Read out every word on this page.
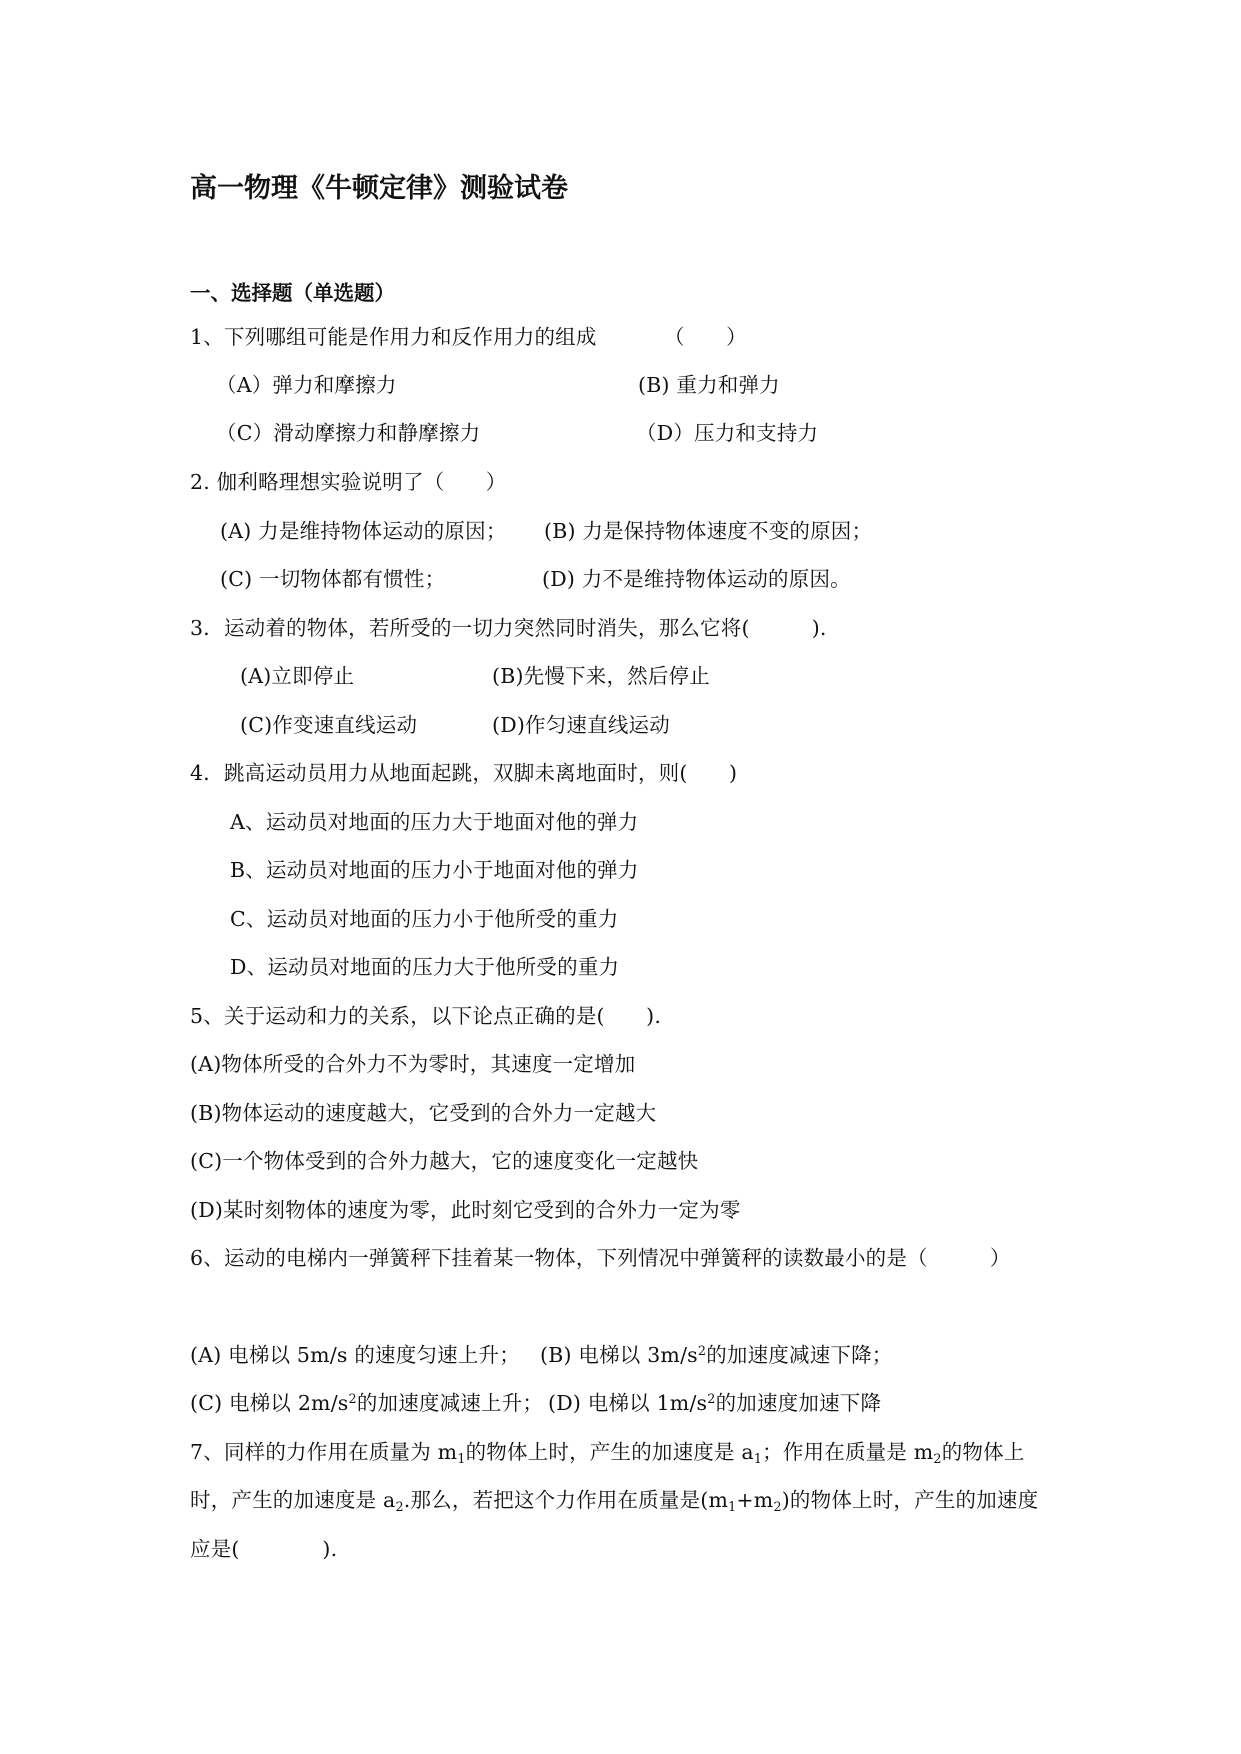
高一物理《牛顿定律》测验试卷
一、选择题（单选题）
1、下列哪组可能是作用力和反作用力的组成	（　　）
（A）弹力和摩擦力	(B) 重力和弹力
（C）滑动摩擦力和静摩擦力	（D）压力和支持力
2. 伽利略理想实验说明了（　　）
(A) 力是维持物体运动的原因； (B) 力是保持物体速度不变的原因；
(C) 一切物体都有惯性；	(D) 力不是维持物体运动的原因。
3．运动着的物体，若所受的一切力突然同时消失，那么它将(　　　).
(A)立即停止	(B)先慢下来，然后停止
(C)作变速直线运动	(D)作匀速直线运动
4．跳高运动员用力从地面起跳，双脚未离地面时，则(　　)
A、运动员对地面的压力大于地面对他的弹力
B、运动员对地面的压力小于地面对他的弹力
C、运动员对地面的压力小于他所受的重力
D、运动员对地面的压力大于他所受的重力
5、关于运动和力的关系，以下论点正确的是(　　).
(A)物体所受的合外力不为零时，其速度一定增加
(B)物体运动的速度越大，它受到的合外力一定越大
(C)一个物体受到的合外力越大，它的速度变化一定越快
(D)某时刻物体的速度为零，此时刻它受到的合外力一定为零
6、运动的电梯内一弹簧秤下挂着某一物体，下列情况中弹簧秤的读数最小的是（　　　）
(A) 电梯以 5m/s 的速度匀速上升； (B) 电梯以 $3m/s^2$的加速度减速下降；
(C) 电梯以 $2m/s^2$的加速度减速上升； (D) 电梯以 $1m/s^2$的加速度加速下降
7、同样的力作用在质量为 $m_1$的物体上时，产生的加速度是 $a_1$；作用在质量是 $m_2$的物体上
时，产生的加速度是 $a_2$.那么，若把这个力作用在质量是$(m_1+m_2)$的物体上时，产生的加速度
应是(　　　　).
